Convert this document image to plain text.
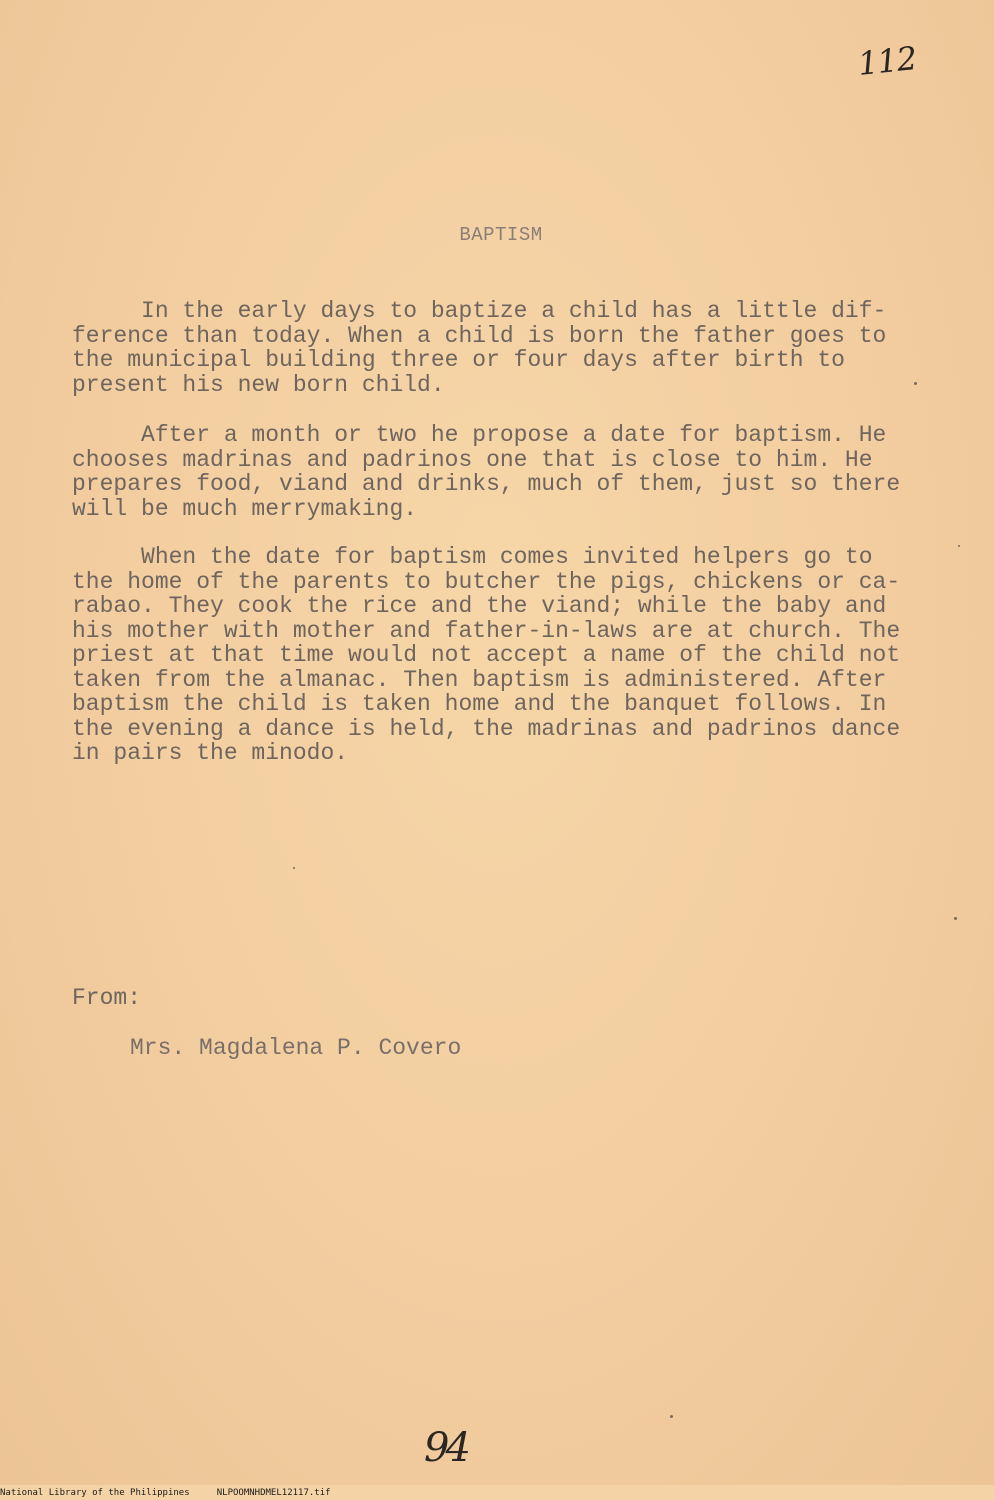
112
BAPTISM
In the early days to baptize a child has a little dif-
ference than today. When a child is born the father goes to
the municipal building three or four days after birth to
present his new born child.
After a month or two he propose a date for baptism. He
chooses madrinas and padrinos one that is close to him. He
prepares food, viand and drinks, much of them, just so there
will be much merrymaking.
When the date for baptism comes invited helpers go to
the home of the parents to butcher the pigs, chickens or ca-
rabao. They cook the rice and the viand; while the baby and
his mother with mother and father-in-laws are at church. The
priest at that time would not accept a name of the child not
taken from the almanac. Then baptism is administered. After
baptism the child is taken home and the banquet follows. In
the evening a dance is held, the madrinas and padrinos dance
in pairs the minodo.
From:
Mrs. Magdalena P. Covero
94
National Library of the Philippines	NLPOOMNHDMEL12117.tif
